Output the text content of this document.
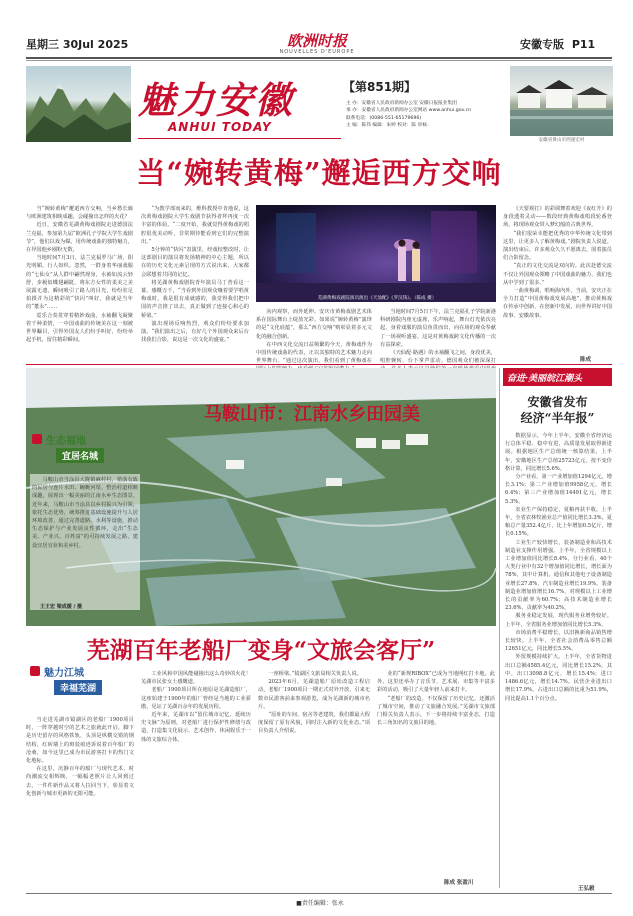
星期三 30Jul 2025	欧洲时报
NOUVELLES D'EUROPE
安徽专版 P11
魅力安徽
ANHUI TODAY
【第851期】
主 办：安徽省人民政府新闻办公室 安徽日报报业集团
承 办：安徽省人民政府新闻办公室网站 www.anhui.gov.cn
联系电话：(0086-551-65179696)
主 编：陈伟 编辑：朱婷 校对：陈 审核：
安徽省黄山市西递宏村
当“婉转黄梅”邂逅西方交响

当“婉转黄梅”邂逅西方交响，当乡愁长廊与欧洲建筑相映成趣，会碰撞出怎样的火花？

近日，安徽省芜湖黄梅戏剧院走进德国法兰克福，参加第九届“欧洲孔子学院大学生戏剧节”，他们以戏为媒，用传统戏曲的独特魅力，在异国他乡圈粉无数。

当地时间7月3日，法兰克福罗马广场，阳光明媚，行人如织。忽然，一群身着华丽戏服的“七仙女”从人群中翩然现身，水袖如流云轻舒，步履似蝶翅翩跹，将东方女性的柔美之美展露无遗，瞬间吸引了路人的目光，纷纷驻足拍摄并为这精彩的“快闪”叫好，我就是当年的“董永”……

霓乐合奏贯穿着精妙戏曲，水袖翻飞凝聚着千种柔情，一中国戏曲的传统美在这一刻被世界瞩目，引得外国友人们纷手叫好，纷纷举起手机，留住精彩瞬间。

“为教学部而来的，维科教授中肯地说，这次黄梅戏剧院大学生戏剧节获得者拜再度一次丰富的体验。“二度开始，我就觉得黄梅戏的唱腔很优美动听，非常期待能看到它们的完整演出。”

5分钟的“快闪”表演里，经戏校整改时，让这部剧目的演员将发扬精神的中心主题，所以在的历史文化元素呈现的方式说出来，大家都会联想着共同的记忆。

将芜湖黄梅戏剧院青年演员马丁普看这一幕，感慨万千，“当看到外国观众嚷着要学唱黄梅戏时，我是很有成就感的，我觉得我们把中国的声音推了出去，真正做到了连接心和心的桥梁。”

演出现场反响热烈，观众们纷纷要求加演，“我们演出之后，有好几个外国观众来后台找我们合影，说这是一次文化的盛宴。”

芜湖黄梅戏剧院演员演出《天仙配》《罗汉钱》。（陈成 摄）

向内观察，而外延伸。安庆市黄梅戏剧艺术体系在国际舞台上绽放光彩。如果说“婉转黄梅”演绎的是“文化底蕴”，那么“西方交响”则彰显着多元文化的融合创新。

在中西文化交流日益频繁的今天，黄梅戏作为中国传统戏曲的代表，正以其独特的艺术魅力走向世界舞台。“通过这次演出，我们看到了黄梅戏在

当地时间7月5日下午，法兰克福孔子学院新港科研剧院内座无虚席，乐声响起，舞台灯光依次亮起，身着戏服的演员鱼贯而出，向在场的观众奉献了一场视听盛宴。这是对黄梅戏跨文化传播的一次有益探索。

《天仙配·路遇》的水袖翻飞之间，身段优美，唱腔婉转，台下掌声雷动。德国观众们被深深打

《天要观打》的彩调舞着欢迎《夜红升》的身段透着灵动——数段经典黄梅戏唱段轮番登场，将现场观众带入梦幻般的古典世界。

“我们很荣幸能把优秀的中华传统文化带到这里，让更多人了解黄梅戏。”剧院负责人说道。演出结束后，许多观众久久不愿离去，围着演员们合影留念。

“真正的文化交流是双向的。此次赴德交流不仅让外国观众领略了中国戏曲的魅力，我们也从中学到了很多。”

一曲黄梅调，唱响海内外。当前，安庆正在全力打造“中国黄梅戏发展高地”，推动黄梅戏在传承中创新、在创新中发展，向世界讲好中国故事、安徽故事。

陈成
马鞍山市：江南水乡田园美
生态福地
宜居名城

马鞍山市当涂县大陇镇麻村村，错落有致的民居与连片水田、蜿蜒河渠、整治村道相映成趣，展现出一幅美丽的江南水乡生态图景。近年来，马鞍山市当涂县以乡村振兴为引领，依托生态优势，统筹推进基础设施提升与人居环境改善，通过完善道路、水利等设施，推动生态保护与产业发展良性循环，走出“生态美、产业兴、百姓富”的可持续发展之路，建设宜居宜业和美乡村。

王王宏 梁成媛 / 摄
奋进·美丽皖江潮头
安徽省发布
经济“半年报”

数据显示，今年上半年，安徽全省经济运行总体平稳、稳中有进，高质量发展取得新进展。根据地区生产总值统一核算结果，上半年，安徽地区生产总值25723亿元，按不变价格计算，同比增长5.6%。

分产业看，第一产业增加值1294亿元，增长3.1%；第二产业增加值9958亿元，增长6.4%；第三产业增加值14491亿元，增长5.3%。

农业生产保持稳定，夏粮再获丰收。上半年，全省农林牧渔业总产值同比增长3.3%，夏粮总产量352.4亿斤，比上年增加0.5亿斤，增长0.15%。

工业生产较快增长，装备制造业和高技术制造业支撑作用增强。上半年，全省规模以上工业增加值同比增长8.4%，分行业看，40个大类行业中有32个增加值同比增长，增长面为78%，其中计算机、通信和其他电子设备制造业增长27.8%，汽车制造业增长19.9%。装备制造业增加值增长16.7%，对规模以上工业增长的贡献率为60.7%；高技术制造业增长23.6%，贡献率为40.2%。

服务业稳定发展，现代服务业增势较好。上半年，全省服务业增加值同比增长5.3%。

市场消费平稳增长，以旧换新商品销售增长较快。上半年，全省社会消费品零售总额12651亿元，同比增长5.5%。

外贸规模持续扩大。上半年，全省货物进出口总额4585.4亿元，同比增长15.2%。其中，出口3098.8亿元，增长15.4%；进口1486.6亿元，增长14.7%。民营企业进出口增长17.9%，占进出口总额的比重为51.9%，同比提高1.1个百分点。

王弘毅
芜湖百年老船厂变身“文旅会客厅”
魅力江城
幸福芜湖

当走进芜湖市镜湖区的老船厂1900项目时，一阵穿越时空的艺术之旅就此开启，脚下是历史留存的风格铁轨，头顶是纵横交错的钢结构，红砖墙上的斑驳痕迹诉说着百年船厂的沧桑，如今这里已成为市民游客打卡的热门文化地标。

在这里，沉静百年的船厂与现代艺术、时尚潮流交相辉映，一幅幅老照片让人回到过去，一件件新作品又将人拉回当下，彰显着文化创新与城市更新的无限可能。

工业风和中国风能碰撞出这么奇妙的火花！芜湖市民张女士感慨道。

老船厂1900项目所在地原是芜湖造船厂，这座始建于1900年的船厂曾经是当地的工业骄傲，见证了芜湖百余年的发展历程。

近年来，芜湖市以“留住城市记忆、延续历史文脉”为原则，对老船厂进行保护性修缮与改造，打造集文化展示、艺术创作、休闲娱乐于一体的文旅综合体。

一座桥梁。”镜湖区文旅局相关负责人说。

2023年6月，芜湖造船厂原址改造工程启动，老船厂1900项目一期正式对外开放，引来无数市民游客前来参观游览，成为芜湖新的城市名片。

“原址的车间、宿舍等老建筑，我们都最大程度保留了原有风貌，同时注入新的文化业态。”项目负责人介绍说。

业的“新规RIBOX”已成为当地网红打卡地。此外，这里还举办了音乐节、艺术展、市集等丰富多彩的活动，吸引了大量年轻人前来打卡。

“老船厂的改造，不仅保留了历史记忆，还激活了城市空间，推动了文旅融合发展。”芜湖市文旅部门相关负责人表示，下一步将持续丰富业态，打造长三角知名的文旅目的地。

陈成 张盈川
■责任编辑：张永
